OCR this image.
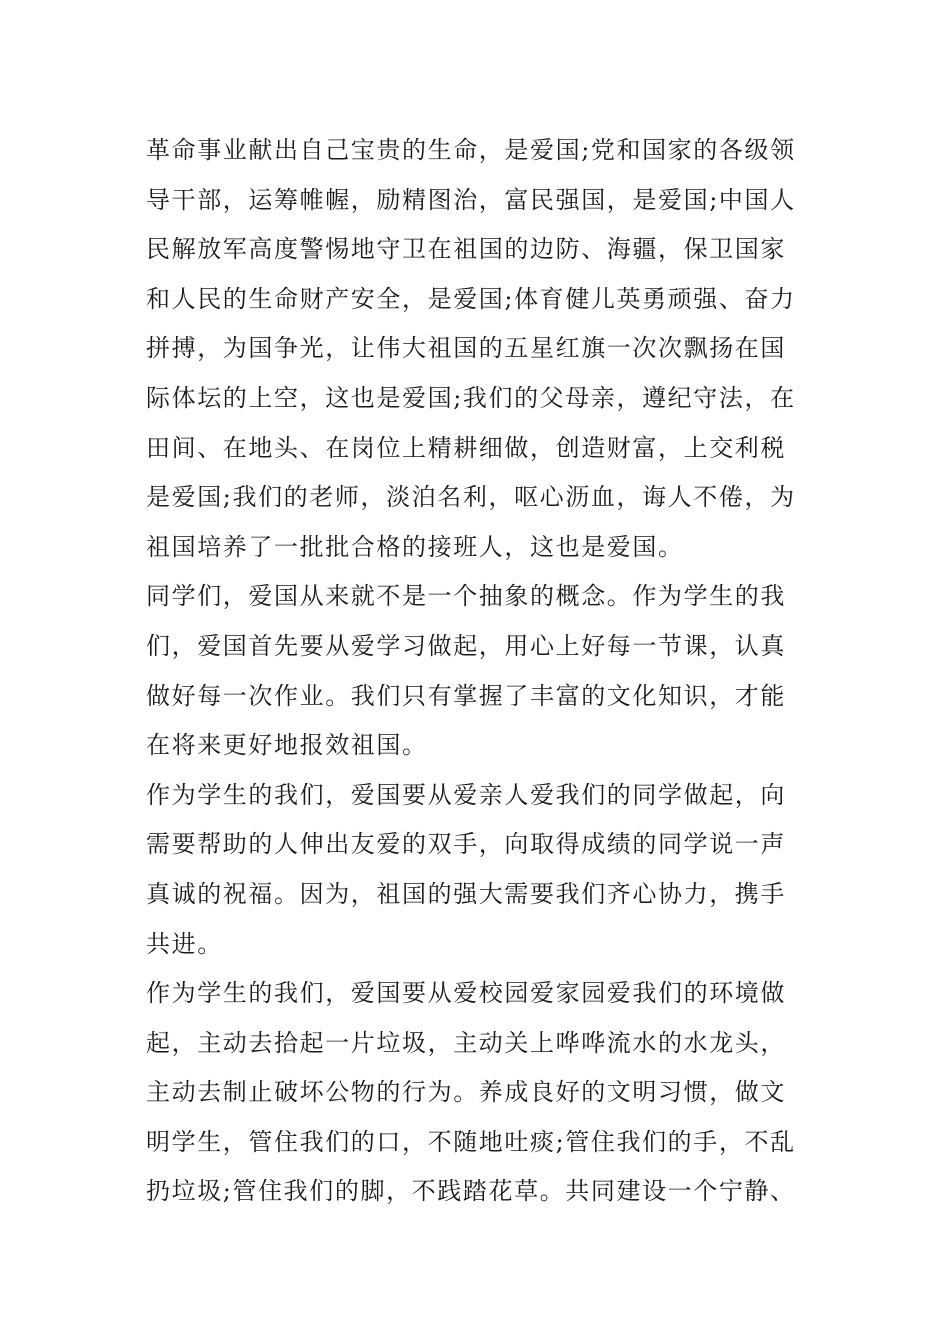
革命事业献出自己宝贵的生命，是爱国;党和国家的各级领
导干部，运筹帷幄，励精图治，富民强国，是爱国;中国人
民解放军高度警惕地守卫在祖国的边防、海疆，保卫国家
和人民的生命财产安全，是爱国;体育健儿英勇顽强、奋力
拼搏，为国争光，让伟大祖国的五星红旗一次次飘扬在国
际体坛的上空，这也是爱国;我们的父母亲，遵纪守法，在
田间、在地头、在岗位上精耕细做，创造财富，上交利税
是爱国;我们的老师，淡泊名利，呕心沥血，诲人不倦，为
祖国培养了一批批合格的接班人，这也是爱国。
同学们，爱国从来就不是一个抽象的概念。作为学生的我
们，爱国首先要从爱学习做起，用心上好每一节课，认真
做好每一次作业。我们只有掌握了丰富的文化知识，才能
在将来更好地报效祖国。
作为学生的我们，爱国要从爱亲人爱我们的同学做起，向
需要帮助的人伸出友爱的双手，向取得成绩的同学说一声
真诚的祝福。因为，祖国的强大需要我们齐心协力，携手
共进。
作为学生的我们，爱国要从爱校园爱家园爱我们的环境做
起，主动去拾起一片垃圾，主动关上哗哗流水的水龙头，
主动去制止破坏公物的行为。养成良好的文明习惯，做文
明学生，管住我们的口，不随地吐痰;管住我们的手，不乱
扔垃圾;管住我们的脚，不践踏花草。共同建设一个宁静、
